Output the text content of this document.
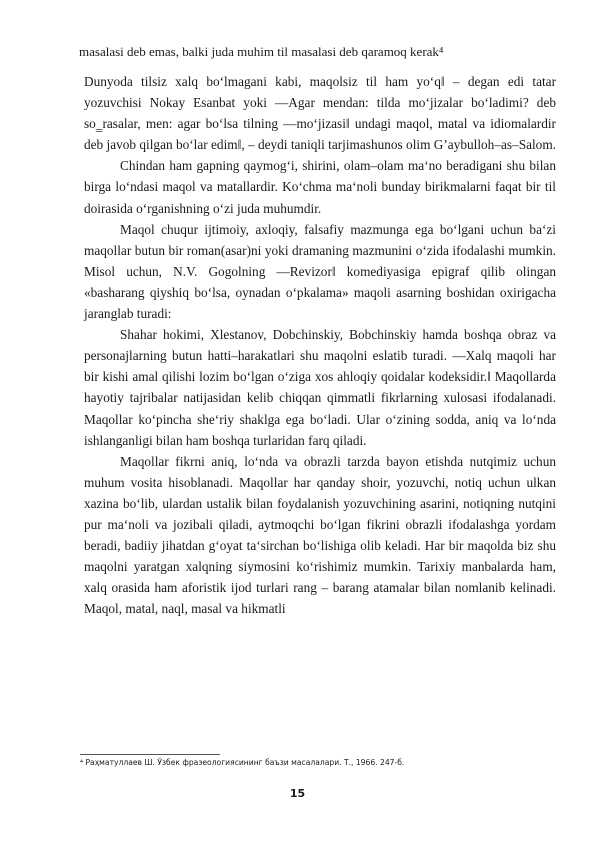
masalasi deb emas, balki juda muhim til masalasi deb qaramoq kerak⁴

Dunyoda tilsiz xalq bo‘lmagani kabi, maqolsiz til ham yo‘q‖ – degan edi tatar yozuvchisi Nokay Esanbat yoki ―Agar mendan: tilda mo‘jizalar bo‘ladimi? deb so‗rasalar, men: agar bo‘lsa tilning ―mo‘jizasi‖ undagi maqol, matal va idiomalardir deb javob qilgan bo‘lar edim‖, – deydi taniqli tarjimashunos olim G’aybulloh–as–Salom.

Chindan ham gapning qaymog‘i, shirini, olam–olam ma‘no beradigani shu bilan birga lo‘ndasi maqol va matallardir. Ko‘chma ma‘noli bunday birikmalarni faqat bir til doirasida o‘rganishning o‘zi juda muhumdir.

Maqol chuqur ijtimoiy, axloqiy, falsafiy mazmunga ega bo‘lgani uchun ba‘zi maqollar butun bir roman(asar)ni yoki dramaning mazmunini o‘zida ifodalashi mumkin. Misol uchun, N.V. Gogolning ―Revizor‖ komediyasiga epigraf qilib olingan «basharang qiyshiq bo‘lsa, oynadan o‘pkalama» maqoli asarning boshidan oxirigacha jaranglab turadi:

Shahar hokimi, Xlestanov, Dobchinskiy, Bobchinskiy hamda boshqa obraz va personajlarning butun hatti–harakatlari shu maqolni eslatib turadi. ―Xalq maqoli har bir kishi amal qilishi lozim bo‘lgan o‘ziga xos ahloqiy qoidalar kodeksidir.‖ Maqollarda hayotiy tajribalar natijasidan kelib chiqqan qimmatli fikrlarning xulosasi ifodalanadi. Maqollar ko‘pincha she‘riy shaklga ega bo‘ladi. Ular o‘zining sodda, aniq va lo‘nda ishlanganligi bilan ham boshqa turlaridan farq qiladi.

Maqollar fikrni aniq, lo‘nda va obrazli tarzda bayon etishda nutqimiz uchun muhum vosita hisoblanadi. Maqollar har qanday shoir, yozuvchi, notiq uchun ulkan xazina bo‘lib, ulardan ustalik bilan foydalanish yozuvchining asarini, notiqning nutqini pur ma‘noli va jozibali qiladi, aytmoqchi bo‘lgan fikrini obrazli ifodalashga yordam beradi, badiiy jihatdan g‘oyat ta‘sirchan bo‘lishiga olib keladi. Har bir maqolda biz shu maqolni yaratgan xalqning siymosini ko‘rishimiz mumkin. Tarixiy manbalarda ham, xalq orasida ham aforistik ijod turlari rang – barang atamalar bilan nomlanib kelinadi. Maqol, matal, naql, masal va hikmatli

⁴ Раҳматуллаев Ш. Ўзбек фразеологиясининг баъзи масалалари. Т., 1966. 247-б.
15
